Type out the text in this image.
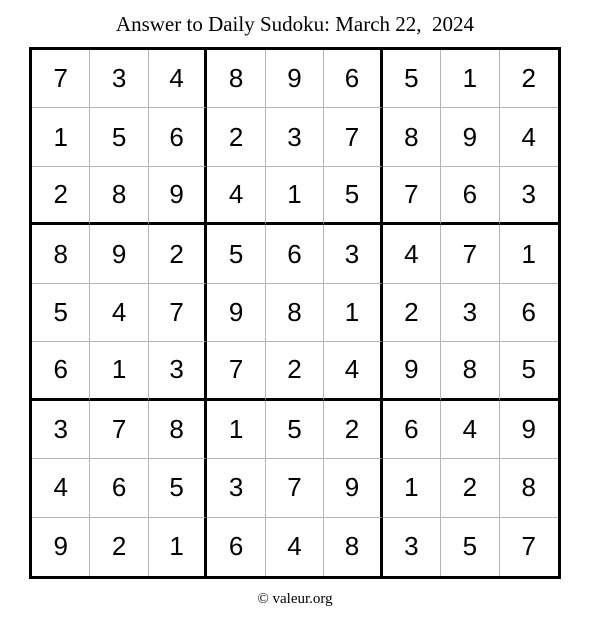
Answer to Daily Sudoku: March 22,  2024
7	3	4	8	9	6	5	1	2
1	5	6	2	3	7	8	9	4
2	8	9	4	1	5	7	6	3
8	9	2	5	6	3	4	7	1
5	4	7	9	8	1	2	3	6
6	1	3	7	2	4	9	8	5
3	7	8	1	5	2	6	4	9
4	6	5	3	7	9	1	2	8
9	2	1	6	4	8	3	5	7
© valeur.org
